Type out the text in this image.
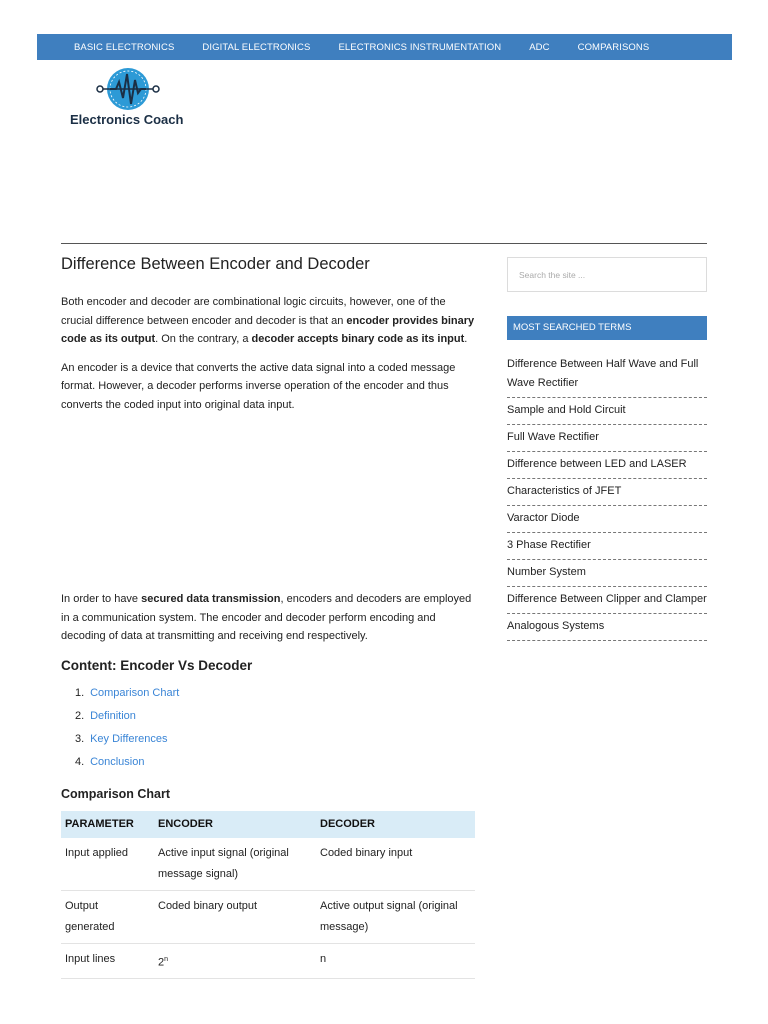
BASIC ELECTRONICS	DIGITAL ELECTRONICS	ELECTRONICS INSTRUMENTATION	ADC	COMPARISONS
Electronics Coach
Difference Between Encoder and Decoder

Both encoder and decoder are combinational logic circuits, however, one of the crucial difference between encoder and decoder is that an encoder provides binary code as its output. On the contrary, a decoder accepts binary code as its input.

An encoder is a device that converts the active data signal into a coded message format. However, a decoder performs inverse operation of the encoder and thus converts the coded input into original data input.

In order to have secured data transmission, encoders and decoders are employed in a communication system. The encoder and decoder perform encoding and decoding of data at transmitting and receiving end respectively.

Content: Encoder Vs Decoder
1. Comparison Chart
2. Definition
3. Key Differences
4. Conclusion
Comparison Chart
PARAMETER	ENCODER	DECODER
Input applied	Active input signal (original message signal)	Coded binary input
Output generated	Coded binary output	Active output signal (original message)
Input lines	2$^n$	n
Search the site ...
MOST SEARCHED TERMS
Difference Between Half Wave and Full Wave Rectifier
Sample and Hold Circuit
Full Wave Rectifier
Difference between LED and LASER
Characteristics of JFET
Varactor Diode
3 Phase Rectifier
Number System
Difference Between Clipper and Clamper
Analogous Systems
